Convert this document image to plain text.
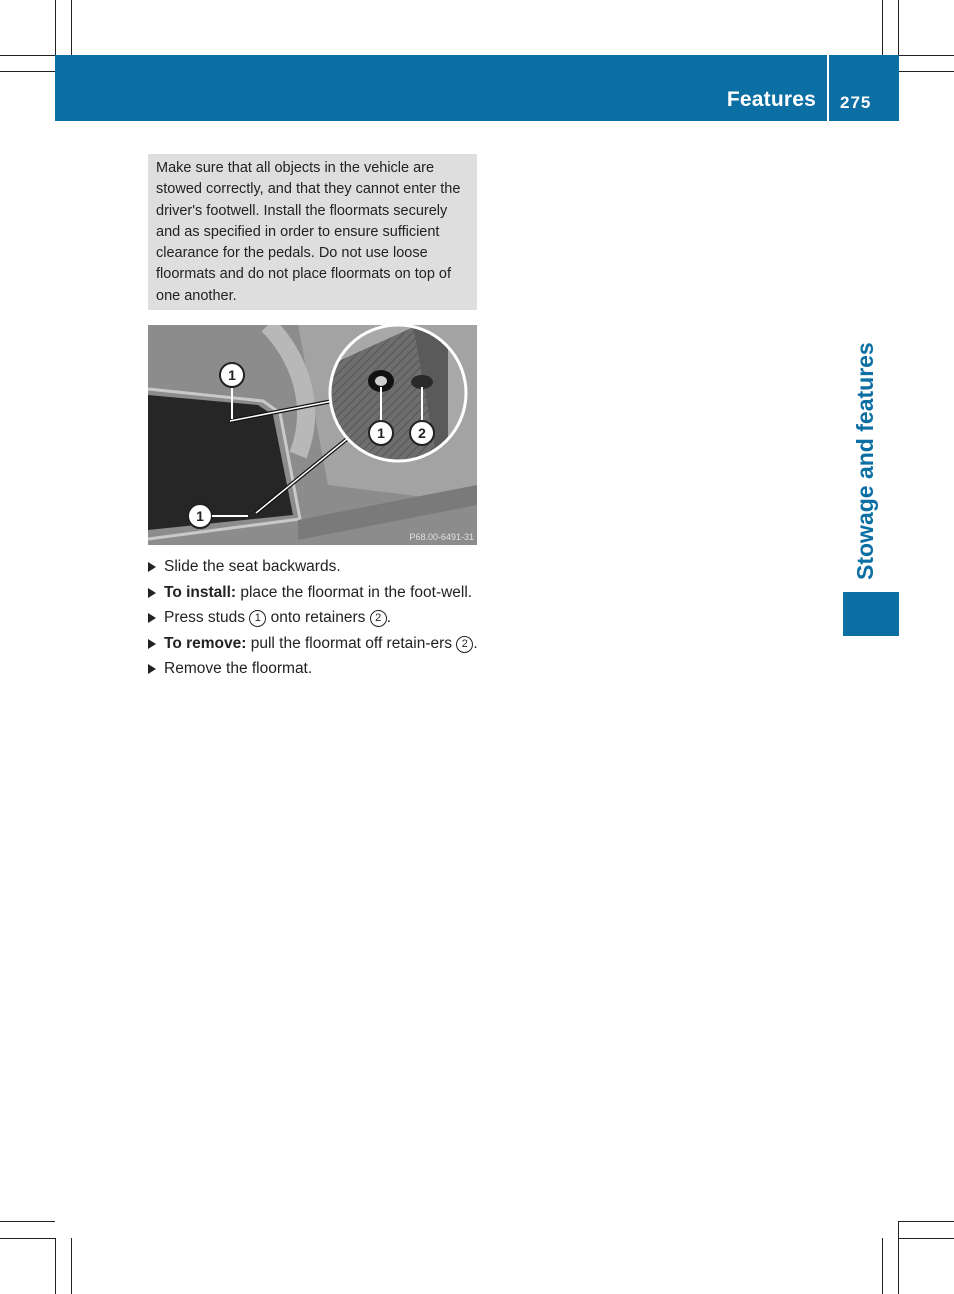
Features 275
Stowage and features
Make sure that all objects in the vehicle are stowed correctly, and that they cannot enter the driver's footwell. Install the floormats securely and as specified in order to ensure sufficient clearance for the pedals. Do not use loose floormats and do not place floormats on top of one another.
1
1
1 2
P68.00-6491-31
Slide the seat backwards.
To install: place the floormat in the foot-well.
Press studs 1 onto retainers 2 .
To remove: pull the floormat off retain-ers 2 .
Remove the floormat.
